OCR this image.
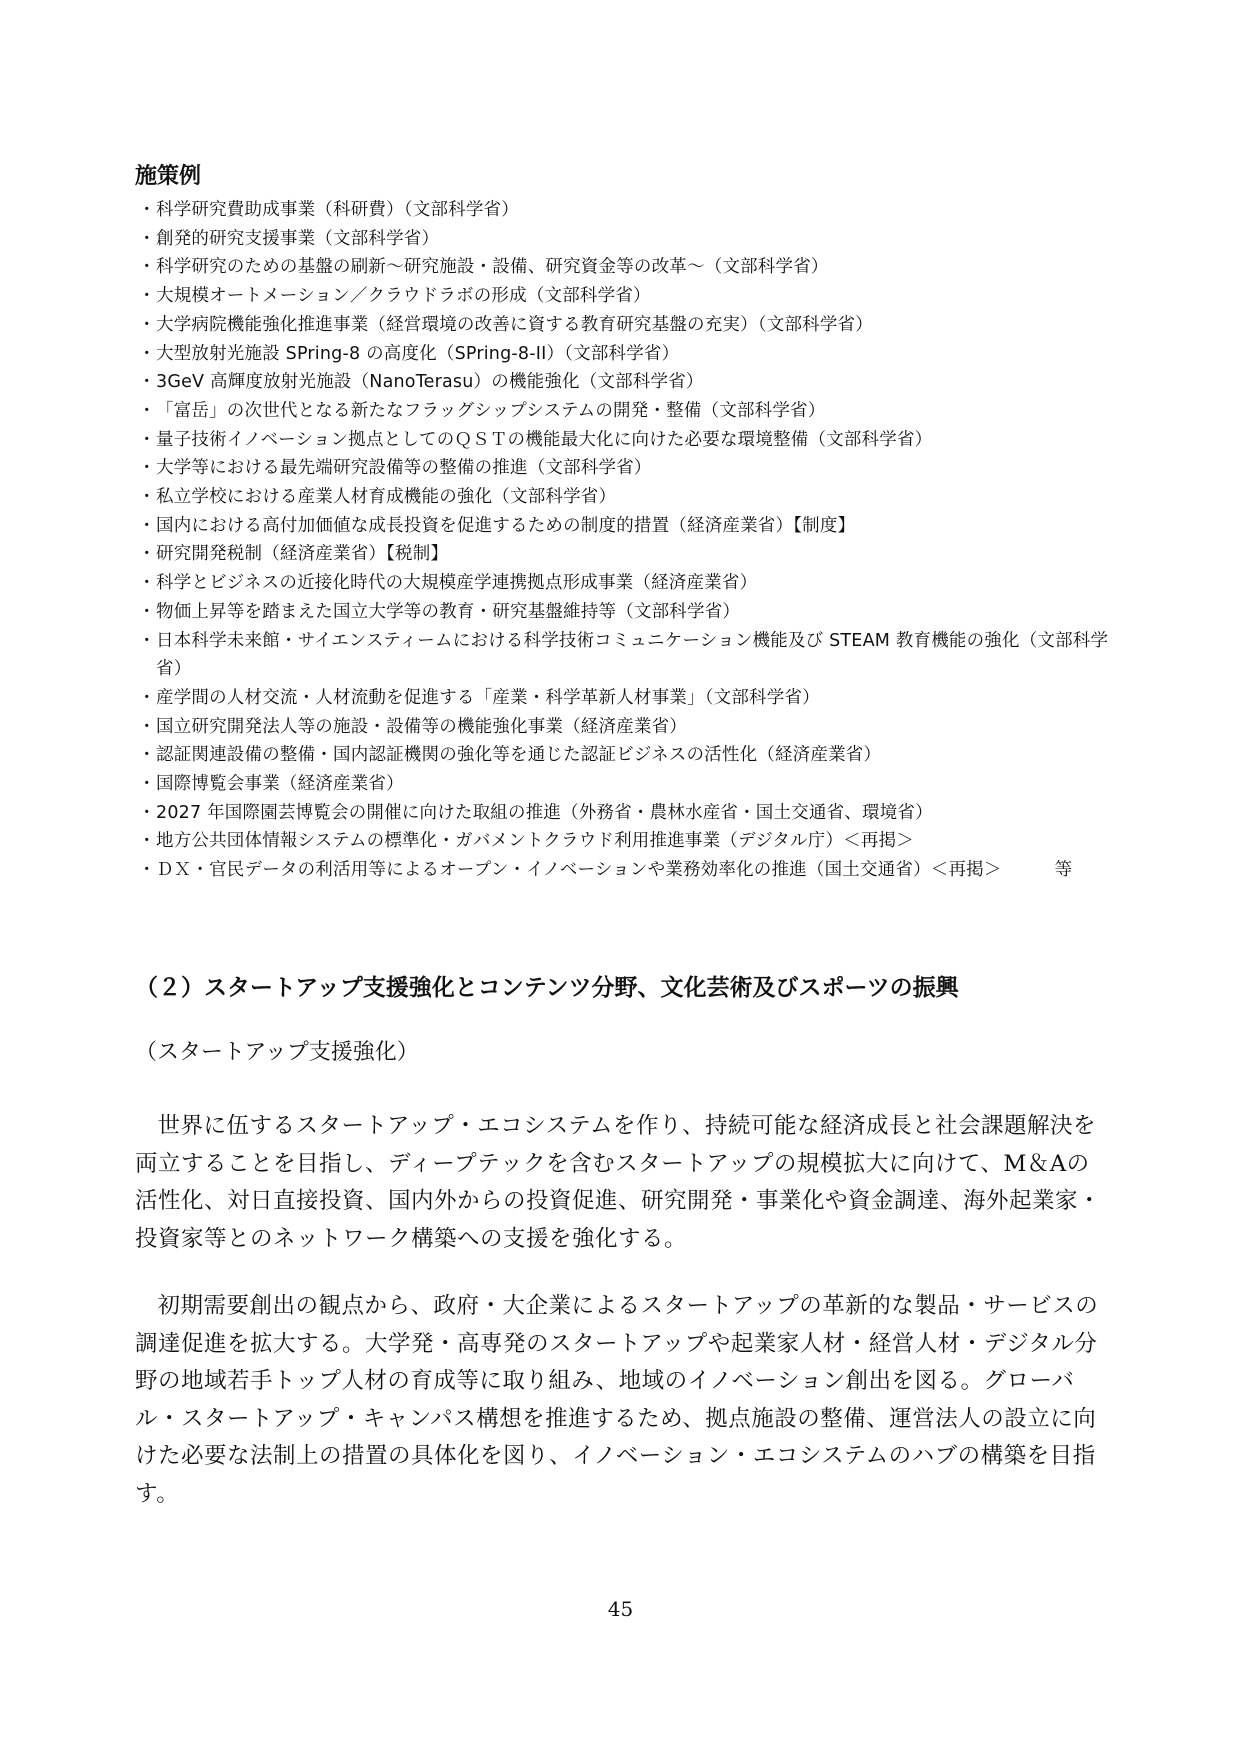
施策例
・ 科学研究費助成事業（科研費）（文部科学省）
・ 創発的研究支援事業（文部科学省）
・ 科学研究のための基盤の刷新～研究施設・設備、研究資金等の改革～（文部科学省）
・ 大規模オートメーション／クラウドラボの形成（文部科学省）
・ 大学病院機能強化推進事業（経営環境の改善に資する教育研究基盤の充実）（文部科学省）
・ 大型放射光施設 SPring-8 の高度化（SPring-8-II）（文部科学省）
・ 3GeV 高輝度放射光施設（NanoTerasu）の機能強化（文部科学省）
・ 「富岳」の次世代となる新たなフラッグシップシステムの開発・整備（文部科学省）
・ 量子技術イノベーション拠点としてのＱＳＴの機能最大化に向けた必要な環境整備（文部科学省）
・ 大学等における最先端研究設備等の整備の推進（文部科学省）
・ 私立学校における産業人材育成機能の強化（文部科学省）
・ 国内における高付加価値な成長投資を促進するための制度的措置（経済産業省）【制度】
・ 研究開発税制（経済産業省）【税制】
・ 科学とビジネスの近接化時代の大規模産学連携拠点形成事業（経済産業省）
・ 物価上昇等を踏まえた国立大学等の教育・研究基盤維持等（文部科学省）
・ 日本科学未来館・サイエンスティームにおける科学技術コミュニケーション機能及び STEAM 教育機能の強化（文部科学省）
・ 産学間の人材交流・人材流動を促進する「産業・科学革新人材事業」（文部科学省）
・ 国立研究開発法人等の施設・設備等の機能強化事業（経済産業省）
・ 認証関連設備の整備・国内認証機関の強化等を通じた認証ビジネスの活性化（経済産業省）
・ 国際博覧会事業（経済産業省）
・ 2027 年国際園芸博覧会の開催に向けた取組の推進（外務省・農林水産省・国土交通省、環境省）
・ 地方公共団体情報システムの標準化・ガバメントクラウド利用推進事業（デジタル庁）＜再掲＞
・ ＤＸ・官民データの利活用等によるオープン・イノベーションや業務効率化の推進（国土交通省）＜再掲＞　　　等
（２）スタートアップ支援強化とコンテンツ分野、文化芸術及びスポーツの振興
（スタートアップ支援強化）

世界に伍するスタートアップ・エコシステムを作り、持続可能な経済成長と社会課題解決を両立することを目指し、ディープテックを含むスタートアップの規模拡大に向けて、M＆Aの活性化、対日直接投資、国内外からの投資促進、研究開発・事業化や資金調達、海外起業家・投資家等とのネットワーク構築への支援を強化する。

初期需要創出の観点から、政府・大企業によるスタートアップの革新的な製品・サービスの調達促進を拡大する。大学発・高専発のスタートアップや起業家人材・経営人材・デジタル分野の地域若手トップ人材の育成等に取り組み、地域のイノベーション創出を図る。グローバル・スタートアップ・キャンパス構想を推進するため、拠点施設の整備、運営法人の設立に向けた必要な法制上の措置の具体化を図り、イノベーション・エコシステムのハブの構築を目指す。

45
